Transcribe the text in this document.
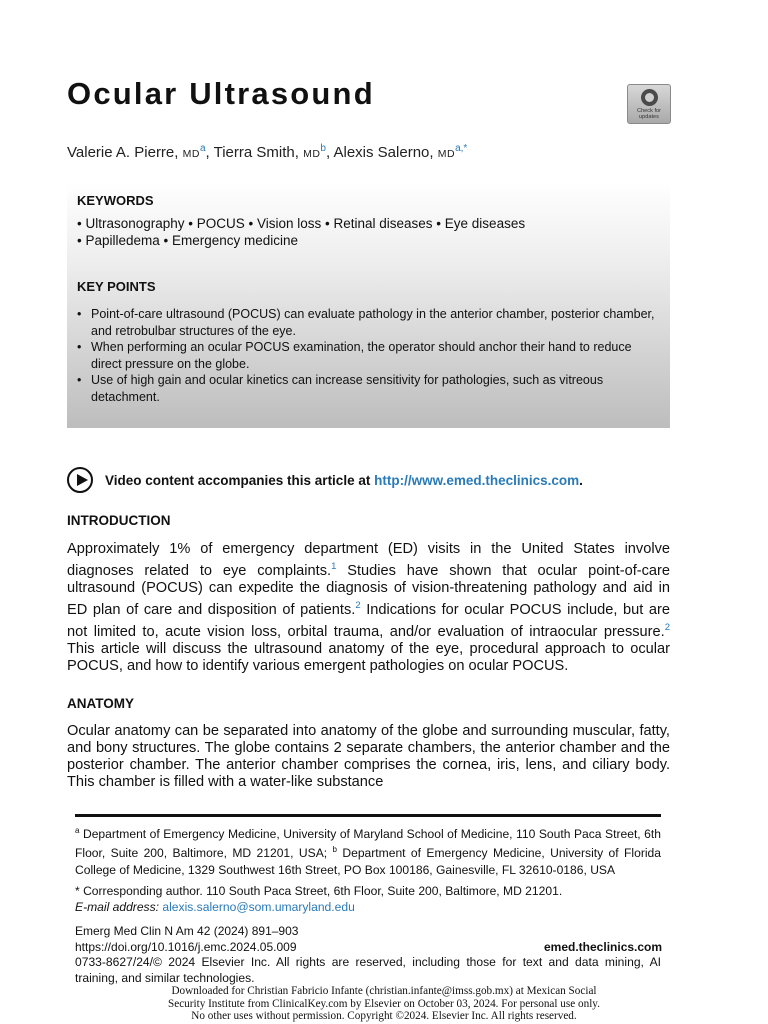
Ocular Ultrasound	Check for
updates
Valerie A. Pierre, $MD^a$, Tierra Smith, $MD^b$, Alexis Salerno, $MD^{a,*}$
KEYWORDS
• Ultrasonography • POCUS • Vision loss • Retinal diseases • Eye diseases
• Papilledema • Emergency medicine
KEY POINTS
• Point-of-care ultrasound (POCUS) can evaluate pathology in the anterior chamber, posterior chamber, and retrobulbar structures of the eye.
• When performing an ocular POCUS examination, the operator should anchor their hand to reduce direct pressure on the globe.
• Use of high gain and ocular kinetics can increase sensitivity for pathologies, such as vitreous detachment.
Video content accompanies this article at http://www.emed.theclinics.com.
INTRODUCTION
Approximately 1% of emergency department (ED) visits in the United States involve diagnoses related to eye complaints.$^1$ Studies have shown that ocular point-of-care ultrasound (POCUS) can expedite the diagnosis of vision-threatening pathology and aid in ED plan of care and disposition of patients.$^2$ Indications for ocular POCUS include, but are not limited to, acute vision loss, orbital trauma, and/or evaluation of intraocular pressure.$^2$ This article will discuss the ultrasound anatomy of the eye, procedural approach to ocular POCUS, and how to identify various emergent pathologies on ocular POCUS.
ANATOMY
Ocular anatomy can be separated into anatomy of the globe and surrounding muscular, fatty, and bony structures. The globe contains 2 separate chambers, the anterior chamber and the posterior chamber. The anterior chamber comprises the cornea, iris, lens, and ciliary body. This chamber is filled with a water-like substance
$^a$ Department of Emergency Medicine, University of Maryland School of Medicine, 110 South Paca Street, 6th Floor, Suite 200, Baltimore, MD 21201, USA; $^b$ Department of Emergency Medicine, University of Florida College of Medicine, 1329 Southwest 16th Street, PO Box 100186, Gainesville, FL 32610-0186, USA
* Corresponding author. 110 South Paca Street, 6th Floor, Suite 200, Baltimore, MD 21201.
E-mail address: alexis.salerno@som.umaryland.edu
Emerg Med Clin N Am 42 (2024) 891–903
https://doi.org/10.1016/j.emc.2024.05.009	emed.theclinics.com
0733-8627/24/© 2024 Elsevier Inc. All rights are reserved, including those for text and data mining, AI training, and similar technologies.
Downloaded for Christian Fabricio Infante (christian.infante@imss.gob.mx) at Mexican Social
Security Institute from ClinicalKey.com by Elsevier on October 03, 2024. For personal use only.
No other uses without permission. Copyright ©2024. Elsevier Inc. All rights reserved.
